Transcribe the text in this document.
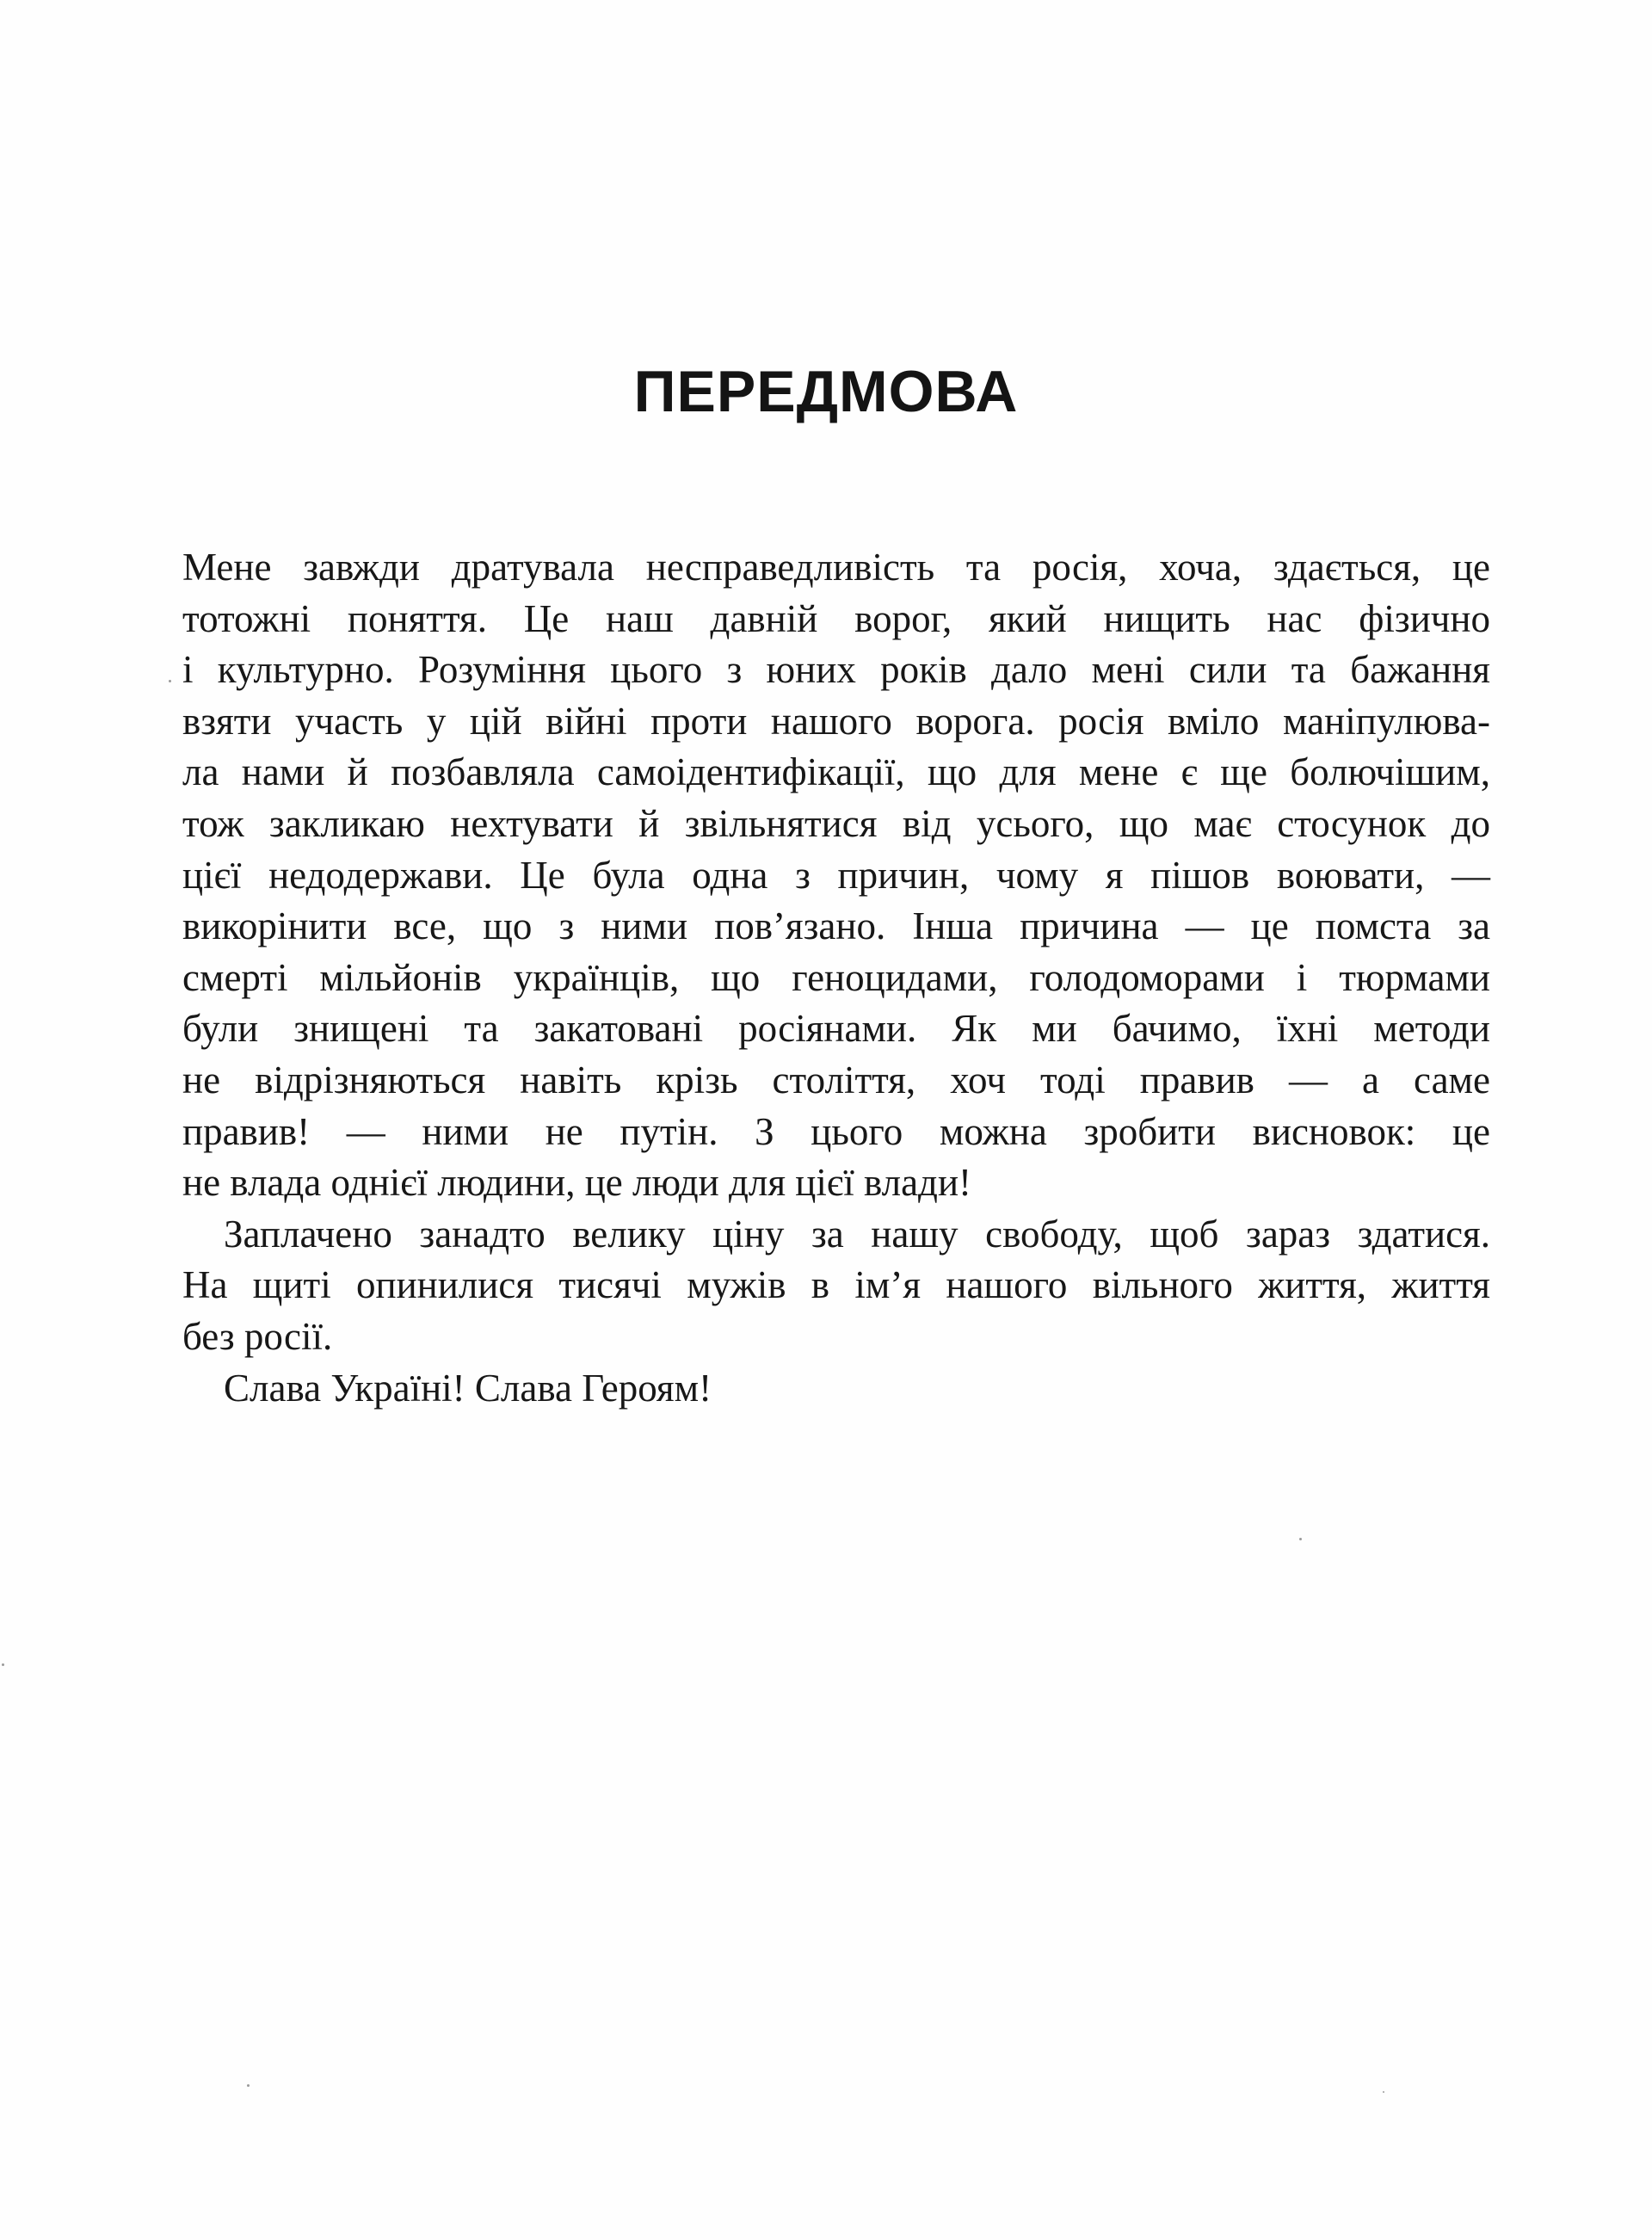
ПЕРЕДМОВА
Мене завжди дратувала несправедливість та росія, хоча, здається, це
тотожні поняття. Це наш давній ворог, який нищить нас фізично
і культурно. Розуміння цього з юних років дало мені сили та бажання
взяти участь у цій війні проти нашого ворога. росія вміло маніпулюва-
ла нами й позбавляла самоідентифікації, що для мене є ще болючішим,
тож закликаю нехтувати й звільнятися від усього, що має стосунок до
цієї недодержави. Це була одна з причин, чому я пішов воювати, —
викорінити все, що з ними пов’язано. Інша причина — це помста за
смерті мільйонів українців, що геноцидами, голодоморами і тюрмами
були знищені та закатовані росіянами. Як ми бачимо, їхні методи
не відрізняються навіть крізь століття, хоч тоді правив — а саме
правив! — ними не путін. З цього можна зробити висновок: це
не влада однієї людини, це люди для цієї влади!
Заплачено занадто велику ціну за нашу свободу, щоб зараз здатися.
На щиті опинилися тисячі мужів в ім’я нашого вільного життя, життя
без росії.
Слава Україні! Слава Героям!
